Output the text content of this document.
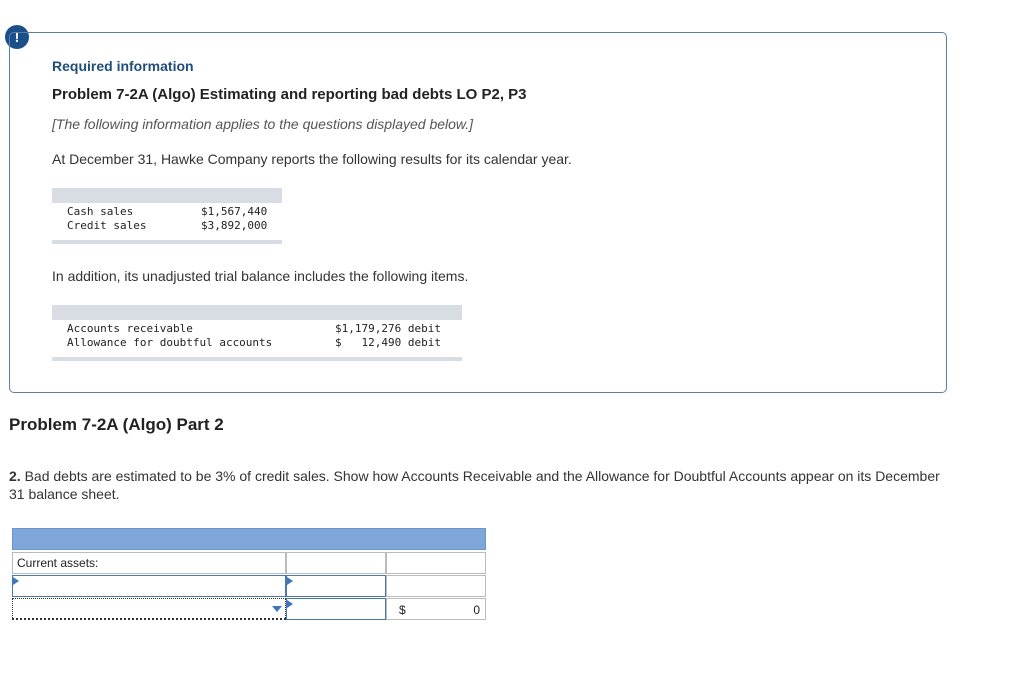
!
Required information
Problem 7-2A (Algo) Estimating and reporting bad debts LO P2, P3
[The following information applies to the questions displayed below.]
At December 31, Hawke Company reports the following results for its calendar year.
Cash sales	$1,567,440
Credit sales	$3,892,000
In addition, its unadjusted trial balance includes the following items.
Accounts receivable	$1,179,276 debit
Allowance for doubtful accounts	$   12,490 debit
Problem 7-2A (Algo) Part 2
2. Bad debts are estimated to be 3% of credit sales. Show how Accounts Receivable and the Allowance for Doubtful Accounts appear on its December 31 balance sheet.
Current assets:
$	0
